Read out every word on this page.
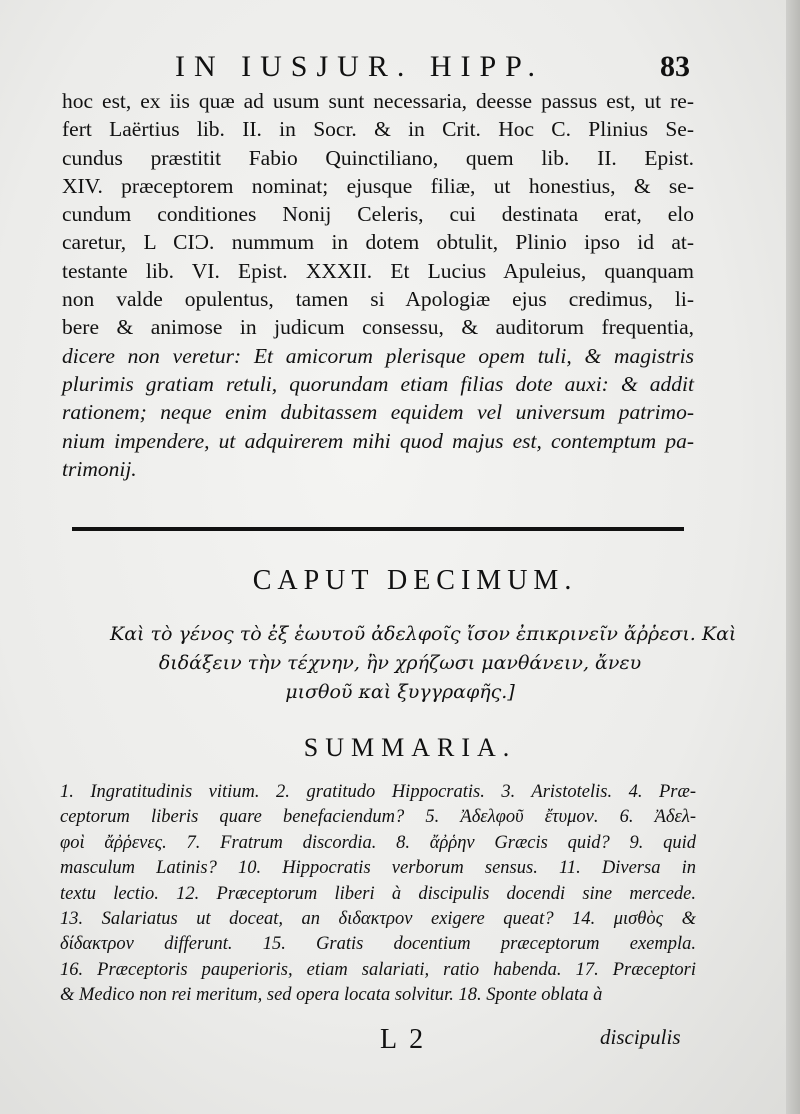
IN IUSJUR. HIPP.	83
hoc est, ex iis quæ ad usum sunt necessaria, deesse passus est, ut re-
fert Laërtius lib. II. in Socr. & in Crit. Hoc C. Plinius Se-
cundus præstitit Fabio Quinctiliano, quem lib. II. Epist.
XIV. præceptorem nominat; ejusque filiæ, ut honestius, & se-
cundum conditiones Nonij Celeris, cui destinata erat, elo
caretur, L CIƆ. nummum in dotem obtulit, Plinio ipso id at-
testante lib. VI. Epist. XXXII. Et Lucius Apuleius, quanquam
non valde opulentus, tamen si Apologiæ ejus credimus, li-
bere & animose in judicum consessu, & auditorum frequentia,
dicere non veretur: Et amicorum plerisque opem tuli, & magistris
plurimis gratiam retuli, quorundam etiam filias dote auxi: & addit
rationem; neque enim dubitassem equidem vel universum patrimo-
nium impendere, ut adquirerem mihi quod majus est, contemptum pa-
trimonij.
CAPUT DECIMUM.
Καὶ τὸ γένος τὸ ἐξ ἑωυτοῦ ἀδελφοῖς ἴσον ἐπικρινεῖν ἄῤῥεσι. Καὶ
διδάξειν τὴν τέχνην, ἢν χρήζωσι μανθάνειν, ἄνευ
μισθοῦ καὶ ξυγγραφῆς.]
SUMMARIA.
1. Ingratitudinis vitium. 2. gratitudo Hippocratis. 3. Aristotelis. 4. Præ-
ceptorum liberis quare benefaciendum? 5. Ἀδελφοῦ ἔτυμον. 6. Ἀδελ-
φοὶ ἄῤῥενες. 7. Fratrum discordia. 8. ἄῤῥην Græcis quid? 9. quid
masculum Latinis? 10. Hippocratis verborum sensus. 11. Diversa in
textu lectio. 12. Præceptorum liberi à discipulis docendi sine mercede.
13. Salariatus ut doceat, an διδακτρον exigere queat? 14. μισθὸς &
δίδακτρον differunt. 15. Gratis docentium præceptorum exempla.
16. Præceptoris pauperioris, etiam salariati, ratio habenda. 17. Præceptori
& Medico non rei meritum, sed opera locata solvitur. 18. Sponte oblata à
L 2	discipulis
